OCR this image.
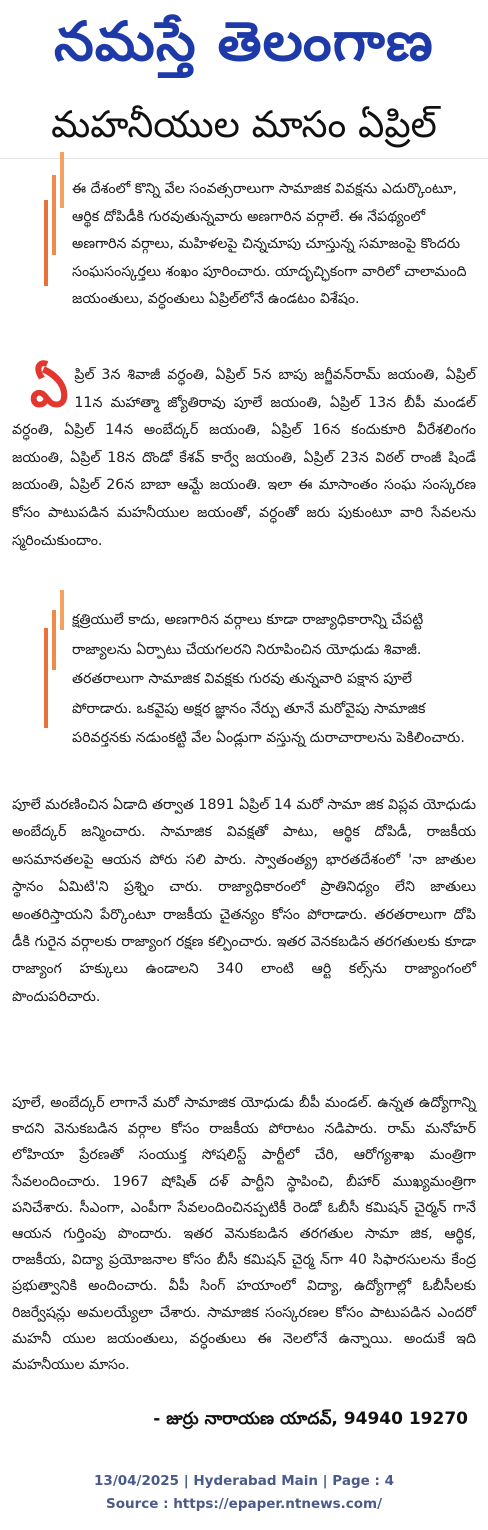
నమస్తే తెలంగాణ
మహనీయుల మాసం ఏప్రిల్
ఈ దేశంలో కొన్ని వేల సంవత్సరాలుగా సామాజిక వివక్షను ఎదుర్కొంటూ, ఆర్థిక దోపిడీకి గురవుతున్నవారు అణగారిన వర్గాలే. ఈ నేపథ్యంలో అణగారిన వర్గాలు, మహిళలపై చిన్నచూపు చూస్తున్న సమాజంపై కొందరు సంఘసంస్కర్తలు శంఖం పూరించారు. యాదృచ్ఛికంగా వారిలో చాలామంది జయంతులు, వర్ధంతులు ఏప్రిల్‌లోనే ఉండటం విశేషం.
ఏ ప్రిల్ 3న శివాజీ వర్ధంతి, ఏప్రిల్ 5న బాపు జగ్జీవన్‌రామ్ జయంతి, ఏప్రిల్ 11న మహాత్మా జ్యోతిరావు పూలే జయంతి, ఏప్రిల్ 13న బీపీ మండల్ వర్ధంతి, ఏప్రిల్ 14న అంబేద్కర్ జయంతి, ఏప్రిల్ 16న కందుకూరి వీరేశలింగం జయంతి, ఏప్రిల్ 18న దొండో కేశవ్ కార్వే జయంతి, ఏప్రిల్ 23న విఠల్ రాంజీ షిండే జయంతి, ఏప్రిల్ 26న బాబా ఆమ్టే జయంతి. ఇలా ఈ మాసాంతం సంఘ సంస్కరణ కోసం పాటుపడిన మహనీయుల జయంతో, వర్ధంతో జరు పుకుంటూ వారి సేవలను స్మరించుకుందాం.
క్షత్రియులే కాదు, అణగారిన వర్గాలు కూడా రాజ్యాధికారాన్ని చేపట్టి రాజ్యాలను ఏర్పాటు చేయగలరని నిరూపించిన యోధుడు శివాజీ. తరతరాలుగా సామాజిక వివక్షకు గురవు తున్నవారి పక్షాన పూలే పోరాడారు. ఒకవైపు అక్షర జ్ఞానం నేర్పు తూనే మరోవైపు సామాజిక పరివర్తనకు నడుంకట్టి వేల ఏండ్లుగా వస్తున్న దురాచారాలను పెకిలించారు.
పూలే మరణించిన ఏడాది తర్వాత 1891 ఏప్రిల్ 14 మరో సామా జిక విప్లవ యోధుడు అంబేద్కర్ జన్మించారు. సామాజిక వివక్షతో పాటు, ఆర్థిక దోపిడీ, రాజకీయ అసమానతలపై ఆయన పోరు సలి పారు. స్వాతంత్య్ర భారతదేశంలో 'నా జాతుల స్థానం ఏమిటి'ని ప్రశ్నిం చారు. రాజ్యాధికారంలో ప్రాతినిధ్యం లేని జాతులు అంతరిస్తాయని పేర్కొంటూ రాజకీయ చైతన్యం కోసం పోరాడారు. తరతరాలుగా దోపి డీకి గురైన వర్గాలకు రాజ్యాంగ రక్షణ కల్పించారు. ఇతర వెనకబడిన తరగతులకు కూడా రాజ్యాంగ హక్కులు ఉండాలని 340 లాంటి ఆర్టి కల్స్‌ను రాజ్యాంగంలో పొందుపరిచారు.
పూలే, అంబేద్కర్ లాగానే మరో సామాజిక యోధుడు బీపీ మండల్. ఉన్నత ఉద్యోగాన్ని కాదని వెనుకబడిన వర్గాల కోసం రాజకీయ పోరాటం నడిపారు. రామ్ మనోహర్ లోహియా ప్రేరణతో సంయుక్త సోషలిస్ట్ పార్టీలో చేరి, ఆరోగ్యశాఖ మంత్రిగా సేవలందించారు. 1967 షోషిత్ దళ్ పార్టీని స్థాపించి, బీహార్ ముఖ్యమంత్రిగా పనిచేశారు. సీఎంగా, ఎంపీగా సేవలందించినప్పటికీ రెండో ఓబీసీ కమిషన్ చైర్మన్ గానే ఆయన గుర్తింపు పొందారు. ఇతర వెనుకబడిన తరగతుల సామా జిక, ఆర్థిక, రాజకీయ, విద్యా ప్రయోజనాల కోసం బీసీ కమిషన్ చైర్మ న్‌గా 40 సిఫారసులను కేంద్ర ప్రభుత్వానికి అందించారు. వీపీ సింగ్ హయాంలో విద్యా, ఉద్యోగాల్లో ఓబీసీలకు రిజర్వేషన్లు అమలయ్యేలా చేశారు. సామాజిక సంస్కరణల కోసం పాటుపడిన ఎందరో మహనీ యుల జయంతులు, వర్ధంతులు ఈ నెలలోనే ఉన్నాయి. అందుకే ఇది మహనీయుల మాసం.
- జుర్రు నారాయణ యాదవ్, 94940 19270
13/04/2025 | Hyderabad Main | Page : 4
Source : https://epaper.ntnews.com/
